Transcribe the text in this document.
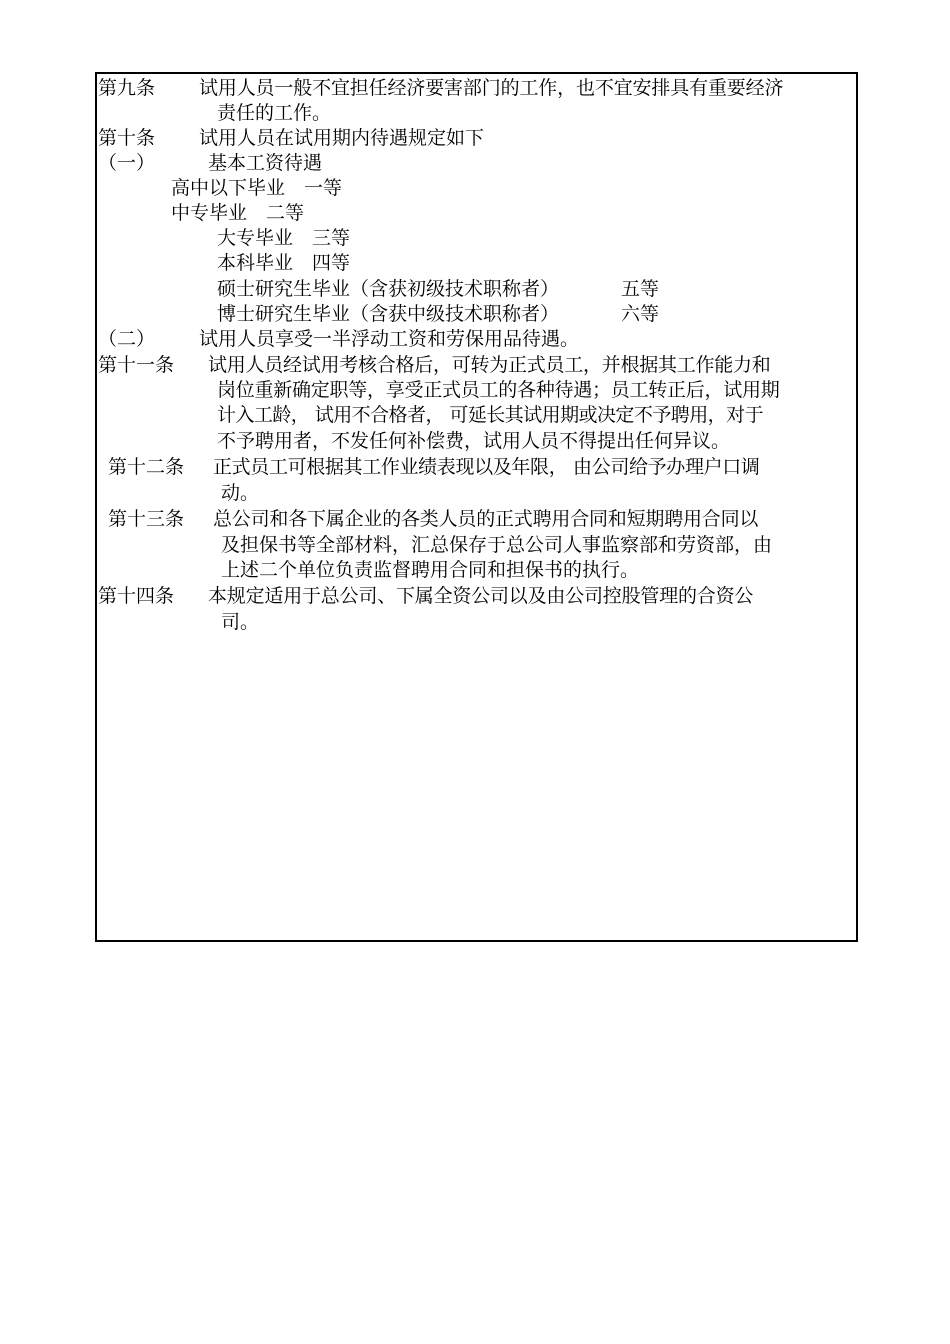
第九条 试用人员一般不宜担任经济要害部门的工作，也不宜安排具有重要经济
责任的工作。
第十条 试用人员在试用期内待遇规定如下
（一）	基本工资待遇
高中以下毕业　一等
中专毕业　二等
大专毕业　三等
本科毕业　四等
硕士研究生毕业（含获初级技术职称者）	五等
博士研究生毕业（含获中级技术职称者）	六等
（二） 试用人员享受一半浮动工资和劳保用品待遇。
第十一条 试用人员经试用考核合格后，可转为正式员工，并根据其工作能力和
岗位重新确定职等，享受正式员工的各种待遇；员工转正后，试用期
计入工龄， 试用不合格者， 可延长其试用期或决定不予聘用，对于
不予聘用者，不发任何补偿费，试用人员不得提出任何异议。
第十二条 正式员工可根据其工作业绩表现以及年限， 由公司给予办理户口调
动。
第十三条 总公司和各下属企业的各类人员的正式聘用合同和短期聘用合同以
及担保书等全部材料，汇总保存于总公司人事监察部和劳资部，由
上述二个单位负责监督聘用合同和担保书的执行。
第十四条 本规定适用于总公司、下属全资公司以及由公司控股管理的合资公
司。
